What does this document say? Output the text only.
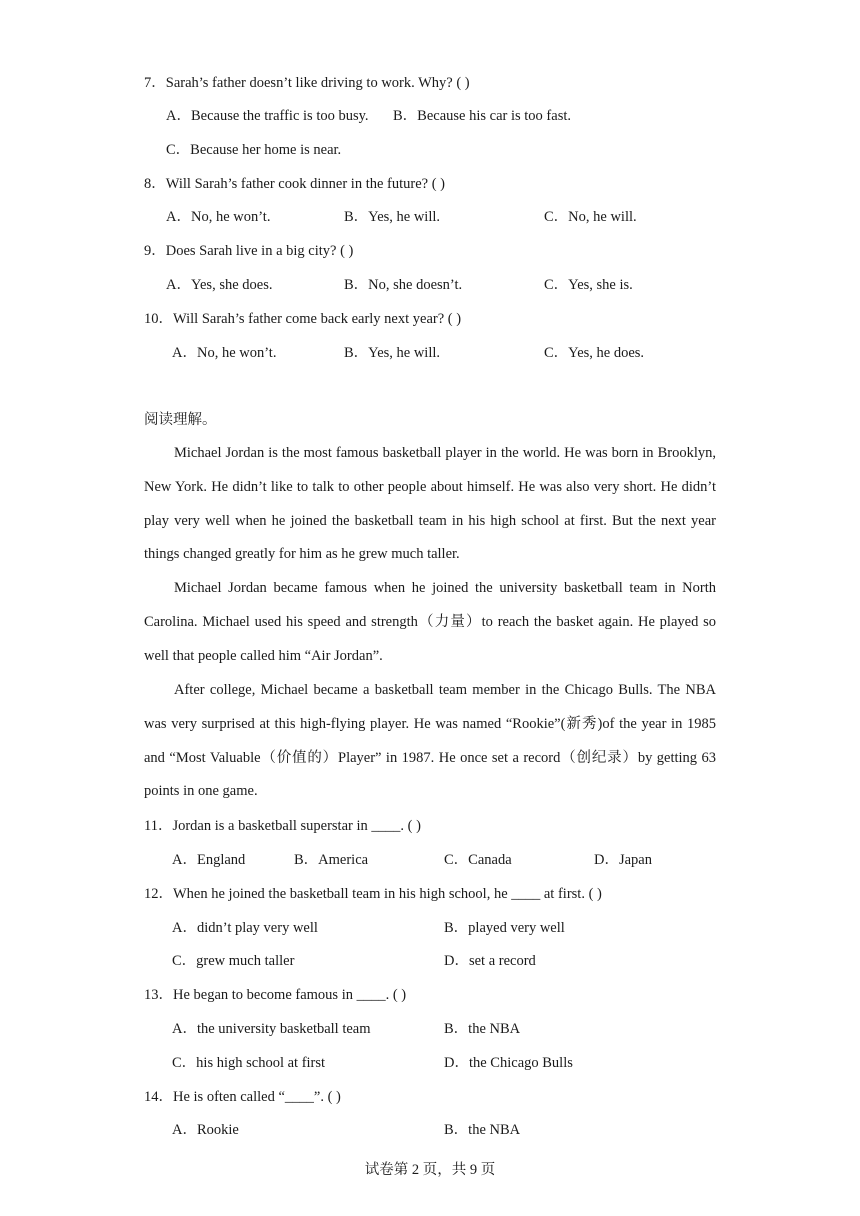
7．Sarah’s father doesn’t like driving to work. Why? ( )
A．Because the traffic is too busy. B．Because his car is too fast.
C．Because her home is near.
8．Will Sarah’s father cook dinner in the future? ( )
A．No, he won’t.	B．Yes, he will.	C．No, he will.
9．Does Sarah live in a big city? ( )
A．Yes, she does.	B．No, she doesn’t.	C．Yes, she is.
10．Will Sarah’s father come back early next year? ( )
A．No, he won’t.	B．Yes, he will.	C．Yes, he does.
阅读理解。
Michael Jordan is the most famous basketball player in the world. He was born in Brooklyn, New York. He didn’t like to talk to other people about himself. He was also very short. He didn’t play very well when he joined the basketball team in his high school at first. But the next year things changed greatly for him as he grew much taller.
Michael Jordan became famous when he joined the university basketball team in North Carolina. Michael used his speed and strength（力量）to reach the basket again. He played so well that people called him “Air Jordan”.
After college, Michael became a basketball team member in the Chicago Bulls. The NBA was very surprised at this high-flying player. He was named “Rookie”(新秀)of the year in 1985 and “Most Valuable（价值的）Player” in 1987. He once set a record（创纪录）by getting 63 points in one game.
11．Jordan is a basketball superstar in ____. ( )
A．England	B．America	C．Canada	D．Japan
12．When he joined the basketball team in his high school, he ____ at first. ( )
A．didn’t play very well	B．played very well
C．grew much taller	D．set a record
13．He began to become famous in ____. ( )
A．the university basketball team	B．the NBA
C．his high school at first	D．the Chicago Bulls
14．He is often called “____”. ( )
A．Rookie	B．the NBA
试卷第 2 页，共 9 页
